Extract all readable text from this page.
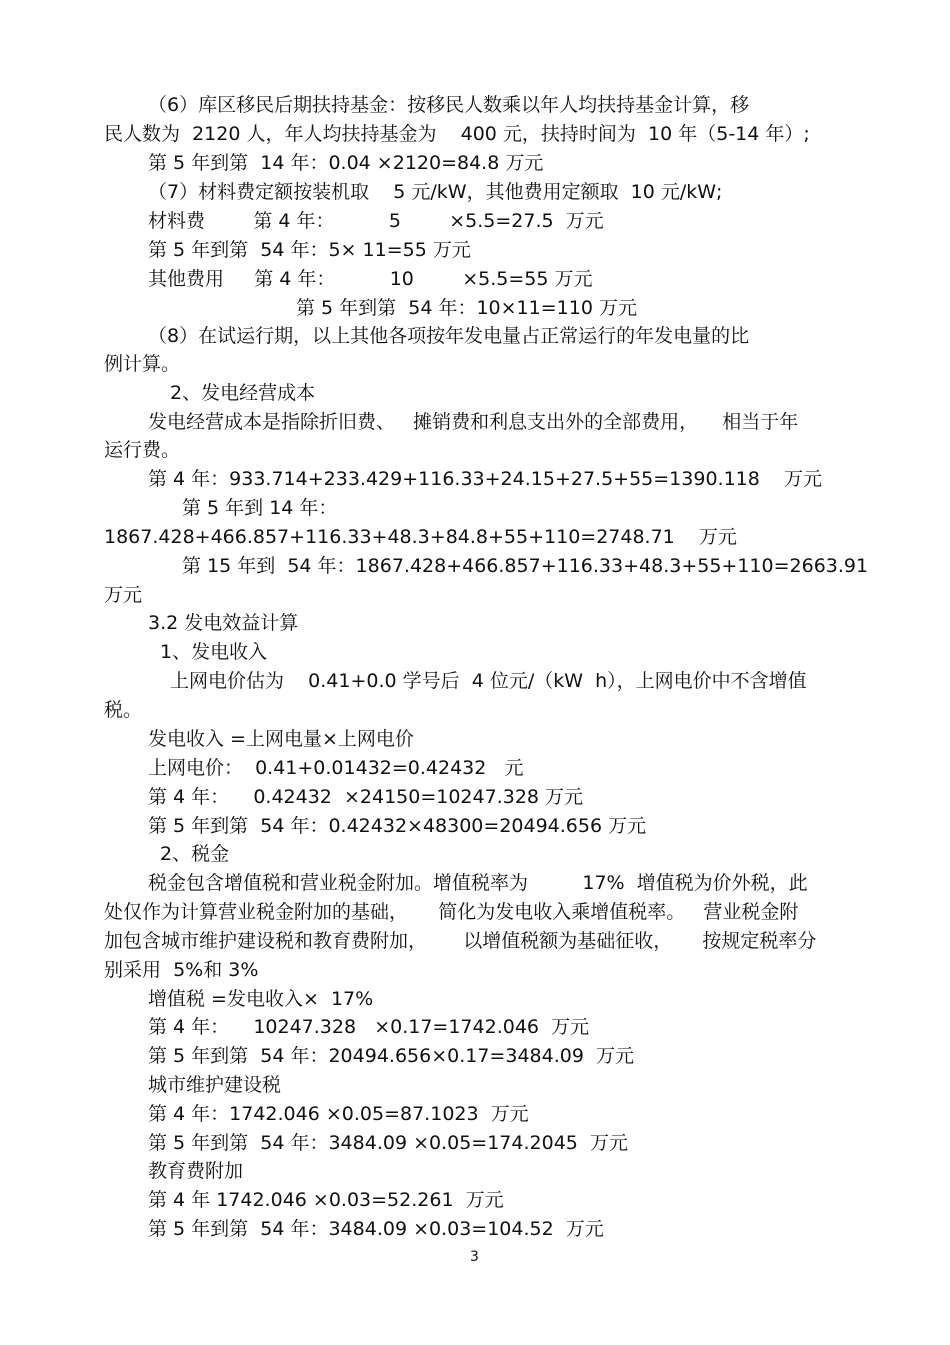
（6）库区移民后期扶持基金：按移民人数乘以年人均扶持基金计算，移
民人数为  2120 人，年人均扶持基金为    400 元，扶持时间为  10 年（5-14 年）;
第 5 年到第  14 年：0.04 ×2120=84.8 万元
（7）材料费定额按装机取    5 元/kW，其他费用定额取  10 元/kW;
材料费        第 4 年：         5        ×5.5=27.5  万元
第 5 年到第  54 年：5× 11=55 万元
其他费用     第 4 年：         10        ×5.5=55 万元
第 5 年到第  54 年：10×11=110 万元
（8）在试运行期，以上其他各项按年发电量占正常运行的年发电量的比
例计算。
2、发电经营成本
发电经营成本是指除折旧费、   摊销费和利息支出外的全部费用，    相当于年
运行费。
第 4 年：933.714+233.429+116.33+24.15+27.5+55=1390.118    万元
第 5 年到 14 年：
1867.428+466.857+116.33+48.3+84.8+55+110=2748.71    万元
第 15 年到  54 年：1867.428+466.857+116.33+48.3+55+110=2663.91
万元
3.2 发电效益计算
1、发电收入
上网电价估为    0.41+0.0 学号后  4 位元/（kW  h），上网电价中不含增值
税。
发电收入 =上网电量×上网电价
上网电价：  0.41+0.01432=0.42432   元
第 4 年：    0.42432  ×24150=10247.328 万元
第 5 年到第  54 年：0.42432×48300=20494.656 万元
2、税金
税金包含增值税和营业税金附加。增值税率为         17%  增值税为价外税，此
处仅作为计算营业税金附加的基础，     简化为发电收入乘增值税率。   营业税金附
加包含城市维护建设税和教育费附加，      以增值税额为基础征收，     按规定税率分
别采用  5%和 3%
增值税 =发电收入×  17%
第 4 年：    10247.328   ×0.17=1742.046  万元
第 5 年到第  54 年：20494.656×0.17=3484.09  万元
城市维护建设税
第 4 年：1742.046 ×0.05=87.1023  万元
第 5 年到第  54 年：3484.09 ×0.05=174.2045  万元
教育费附加
第 4 年 1742.046 ×0.03=52.261  万元
第 5 年到第  54 年：3484.09 ×0.03=104.52  万元
3
